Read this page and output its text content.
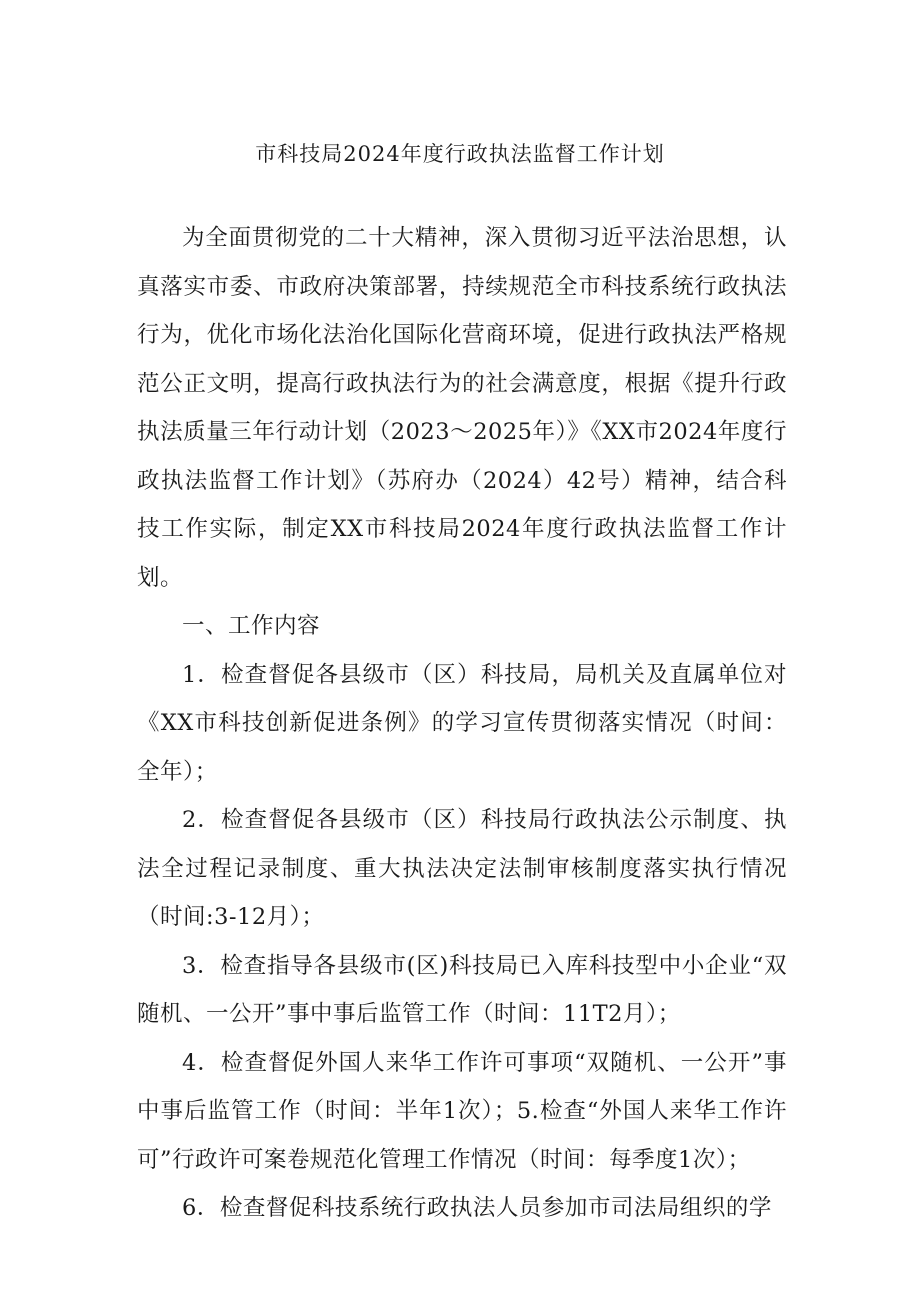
市科技局2024年度行政执法监督工作计划

为全面贯彻党的二十大精神，深入贯彻习近平法治思想，认真落实市委、市政府决策部署，持续规范全市科技系统行政执法行为，优化市场化法治化国际化营商环境，促进行政执法严格规范公正文明，提高行政执法行为的社会满意度，根据《提升行政执法质量三年行动计划（2023～2025年）》《XX市2024年度行政执法监督工作计划》（苏府办（2024）42号）精神，结合科技工作实际，制定XX市科技局2024年度行政执法监督工作计划。

一、工作内容

1．检查督促各县级市（区）科技局，局机关及直属单位对《XX市科技创新促进条例》的学习宣传贯彻落实情况（时间：全年）；

2．检查督促各县级市（区）科技局行政执法公示制度、执法全过程记录制度、重大执法决定法制审核制度落实执行情况（时间:3-12月）；

3．检查指导各县级市(区)科技局已入库科技型中小企业“双随机、一公开”事中事后监管工作（时间：11T2月）；

4．检查督促外国人来华工作许可事项“双随机、一公开”事中事后监管工作（时间：半年1次）；5.检查“外国人来华工作许可”行政许可案卷规范化管理工作情况（时间：每季度1次）；

6．检查督促科技系统行政执法人员参加市司法局组织的学
